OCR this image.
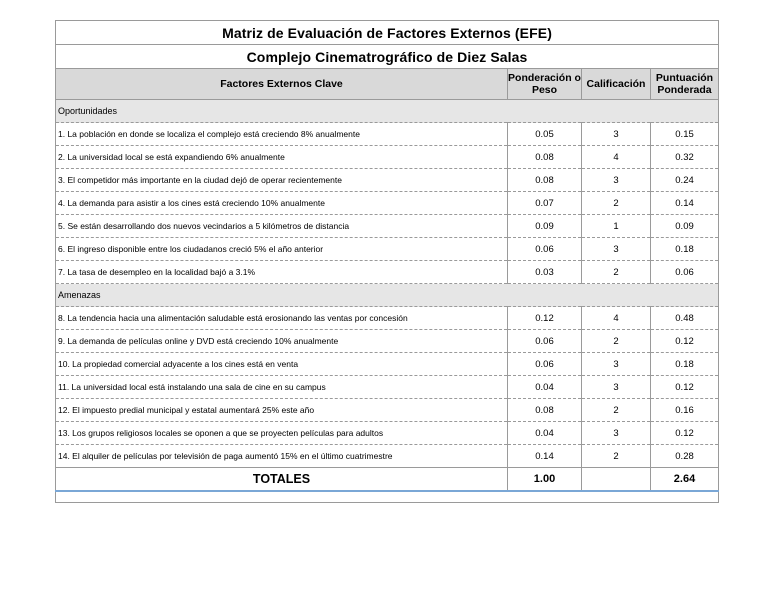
Matriz de Evaluación de Factores Externos (EFE)			
Complejo Cinematrográfico de Diez Salas			
Factores Externos Clave	Ponderación o Peso	Calificación	Puntuación Ponderada
Oportunidades			
1. La población en donde se localiza el complejo está creciendo 8% anualmente	0.05	3	0.15
2. La universidad local se está expandiendo 6% anualmente	0.08	4	0.32
3. El competidor más importante en la ciudad dejó de operar recientemente	0.08	3	0.24
4. La demanda para asistir a los cines está creciendo 10% anualmente	0.07	2	0.14
5. Se están desarrollando dos nuevos vecindarios a 5 kilómetros de distancia	0.09	1	0.09
6. El ingreso disponible entre los ciudadanos creció 5% el año anterior	0.06	3	0.18
7. La tasa de desempleo en la localidad bajó a 3.1%	0.03	2	0.06
Amenazas			
8. La tendencia hacia una alimentación saludable está erosionando las ventas por concesión	0.12	4	0.48
9. La demanda de películas online y DVD está creciendo 10% anualmente	0.06	2	0.12
10. La propiedad comercial adyacente a los cines está en venta	0.06	3	0.18
11. La universidad local está instalando una sala de cine en su campus	0.04	3	0.12
12. El impuesto predial municipal y estatal aumentará 25% este año	0.08	2	0.16
13. Los grupos religiosos locales se oponen a que se proyecten películas para adultos	0.04	3	0.12
14. El alquiler de películas por televisión de paga aumentó 15% en el último cuatrimestre	0.14	2	0.28
TOTALES	1.00		2.64
